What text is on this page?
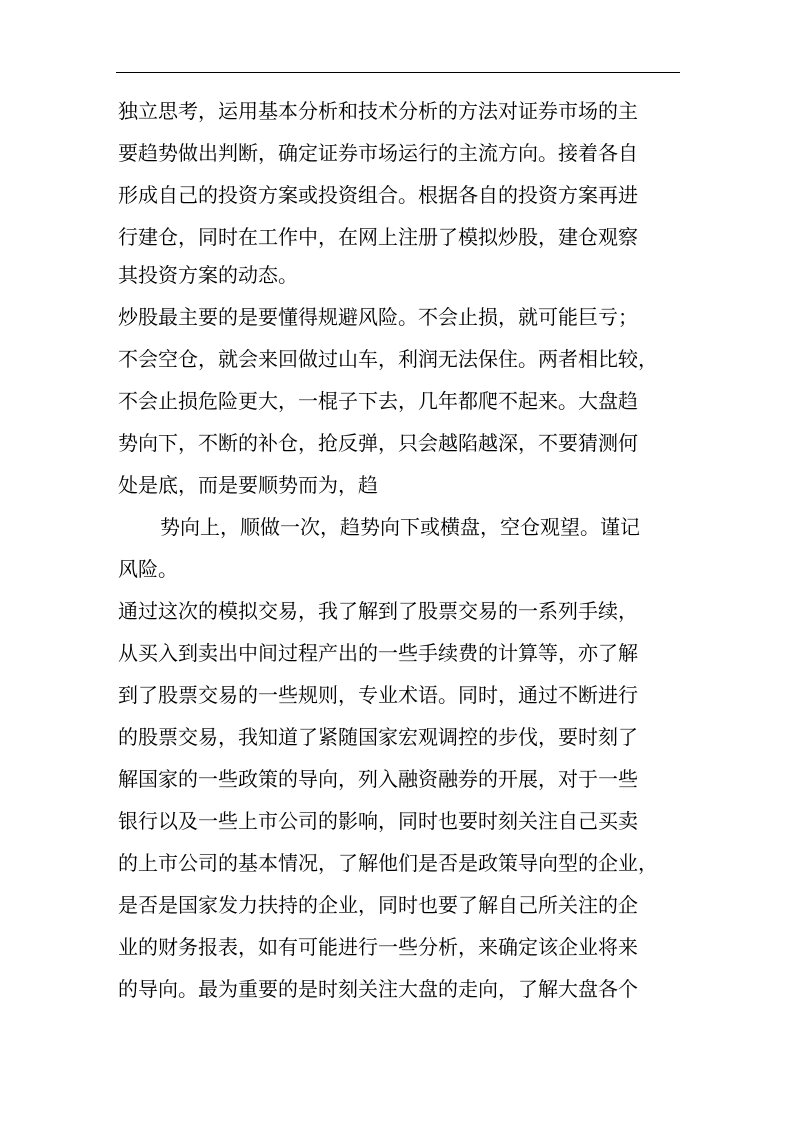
独立思考，运用基本分析和技术分析的方法对证券市场的主
要趋势做出判断，确定证券市场运行的主流方向。接着各自
形成自己的投资方案或投资组合。根据各自的投资方案再进
行建仓，同时在工作中，在网上注册了模拟炒股，建仓观察
其投资方案的动态。
炒股最主要的是要懂得规避风险。不会止损，就可能巨亏；
不会空仓，就会来回做过山车，利润无法保住。两者相比较，
不会止损危险更大，一棍子下去，几年都爬不起来。大盘趋
势向下，不断的补仓，抢反弹，只会越陷越深，不要猜测何
处是底，而是要顺势而为，趋
势向上，顺做一次，趋势向下或横盘，空仓观望。谨记
风险。
通过这次的模拟交易，我了解到了股票交易的一系列手续，
从买入到卖出中间过程产出的一些手续费的计算等，亦了解
到了股票交易的一些规则，专业术语。同时，通过不断进行
的股票交易，我知道了紧随国家宏观调控的步伐，要时刻了
解国家的一些政策的导向，列入融资融券的开展，对于一些
银行以及一些上市公司的影响，同时也要时刻关注自己买卖
的上市公司的基本情况，了解他们是否是政策导向型的企业，
是否是国家发力扶持的企业，同时也要了解自己所关注的企
业的财务报表，如有可能进行一些分析，来确定该企业将来
的导向。最为重要的是时刻关注大盘的走向，了解大盘各个
